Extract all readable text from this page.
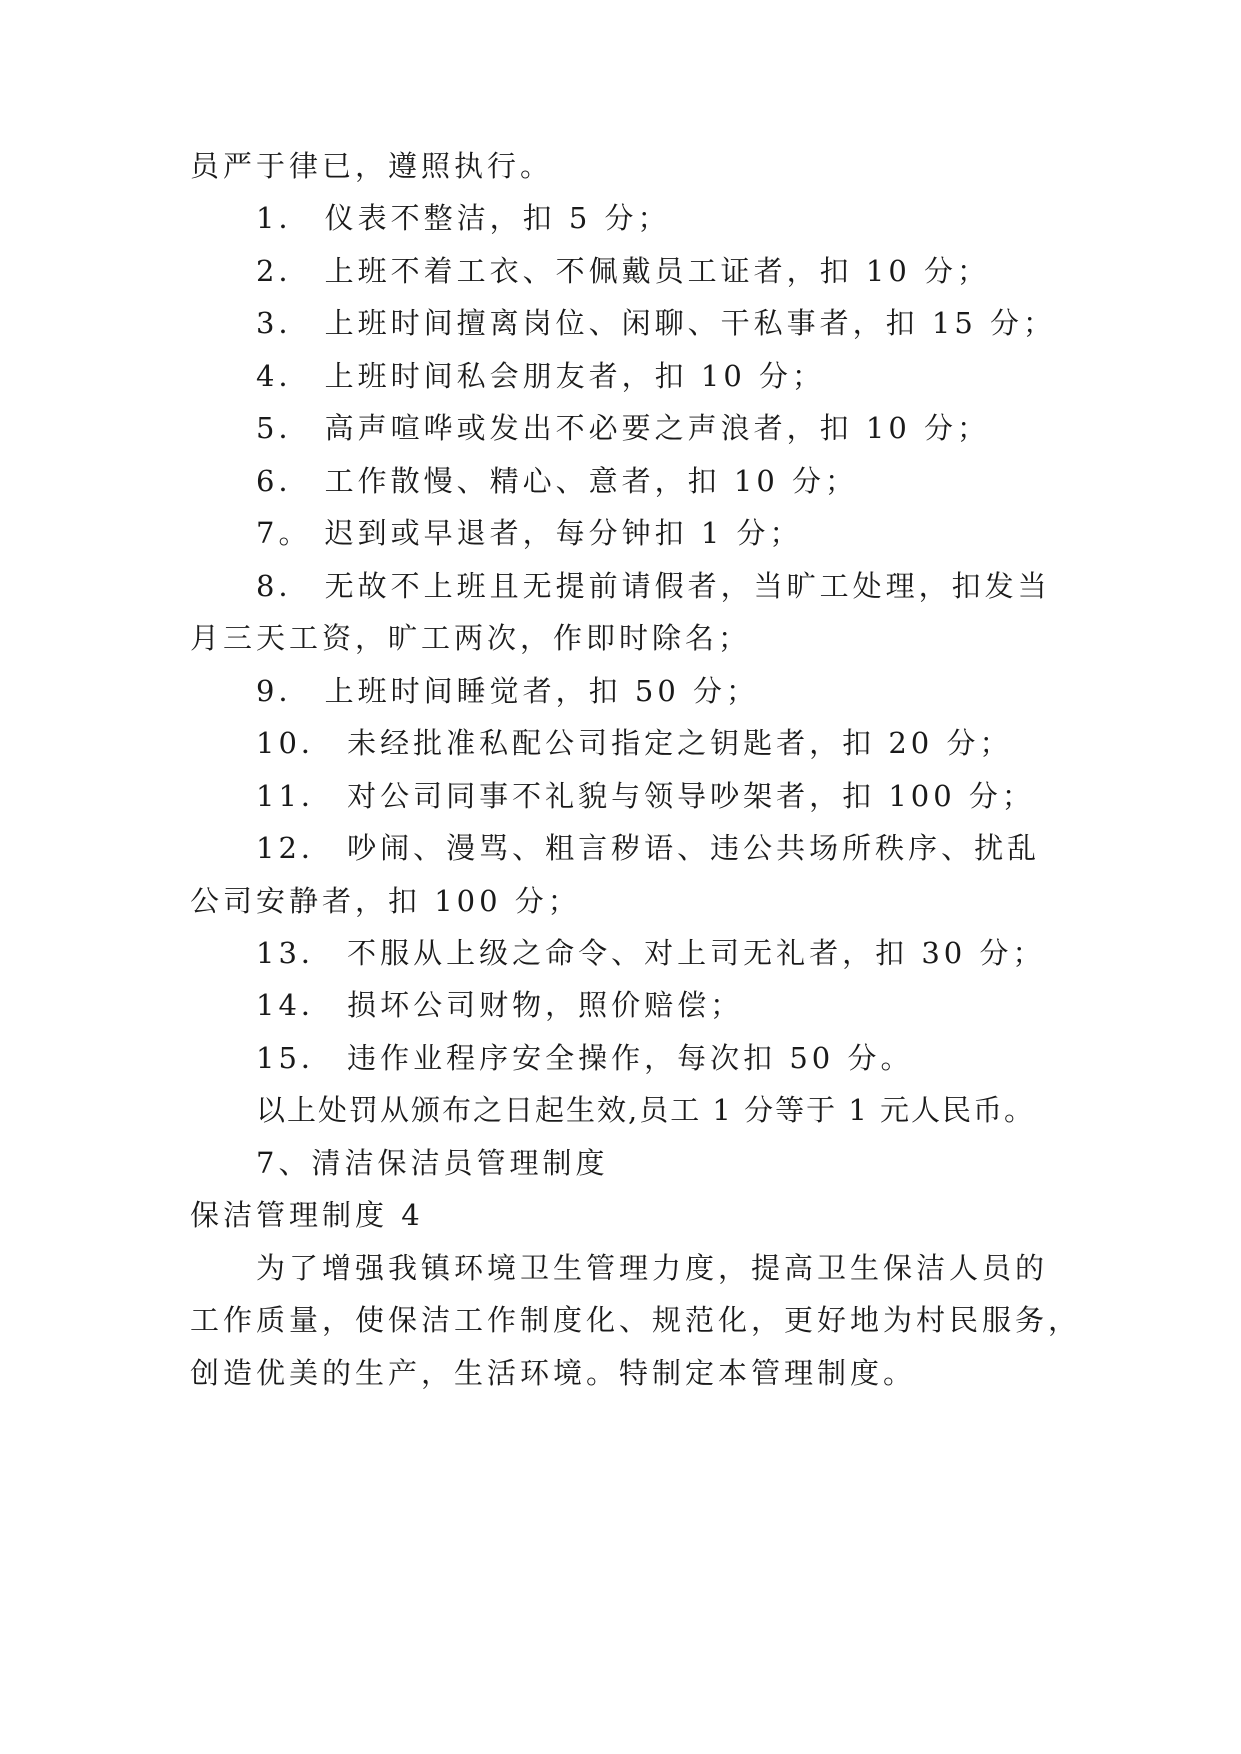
员严于律已，遵照执行。
1． 仪表不整洁，扣 5 分；
2． 上班不着工衣、不佩戴员工证者，扣 10 分；
3． 上班时间擅离岗位、闲聊、干私事者，扣 15 分；
4． 上班时间私会朋友者，扣 10 分；
5． 高声喧哗或发出不必要之声浪者，扣 10 分；
6． 工作散慢、精心、意者，扣 10 分；
7。 迟到或早退者，每分钟扣 1 分；
8． 无故不上班且无提前请假者，当旷工处理，扣发当
月三天工资，旷工两次，作即时除名；
9． 上班时间睡觉者，扣 50 分；
10． 未经批准私配公司指定之钥匙者，扣 20 分；
11． 对公司同事不礼貌与领导吵架者，扣 100 分；
12． 吵闹、漫骂、粗言秽语、违公共场所秩序、扰乱
公司安静者，扣 100 分；
13． 不服从上级之命令、对上司无礼者，扣 30 分；
14． 损坏公司财物，照价赔偿；
15． 违作业程序安全操作，每次扣 50 分。
以上处罚从颁布之日起生效,员工 1 分等于 1 元人民币。
7、清洁保洁员管理制度
保洁管理制度 4
为了增强我镇环境卫生管理力度，提高卫生保洁人员的
工作质量，使保洁工作制度化、规范化，更好地为村民服务，
创造优美的生产，生活环境。特制定本管理制度。
